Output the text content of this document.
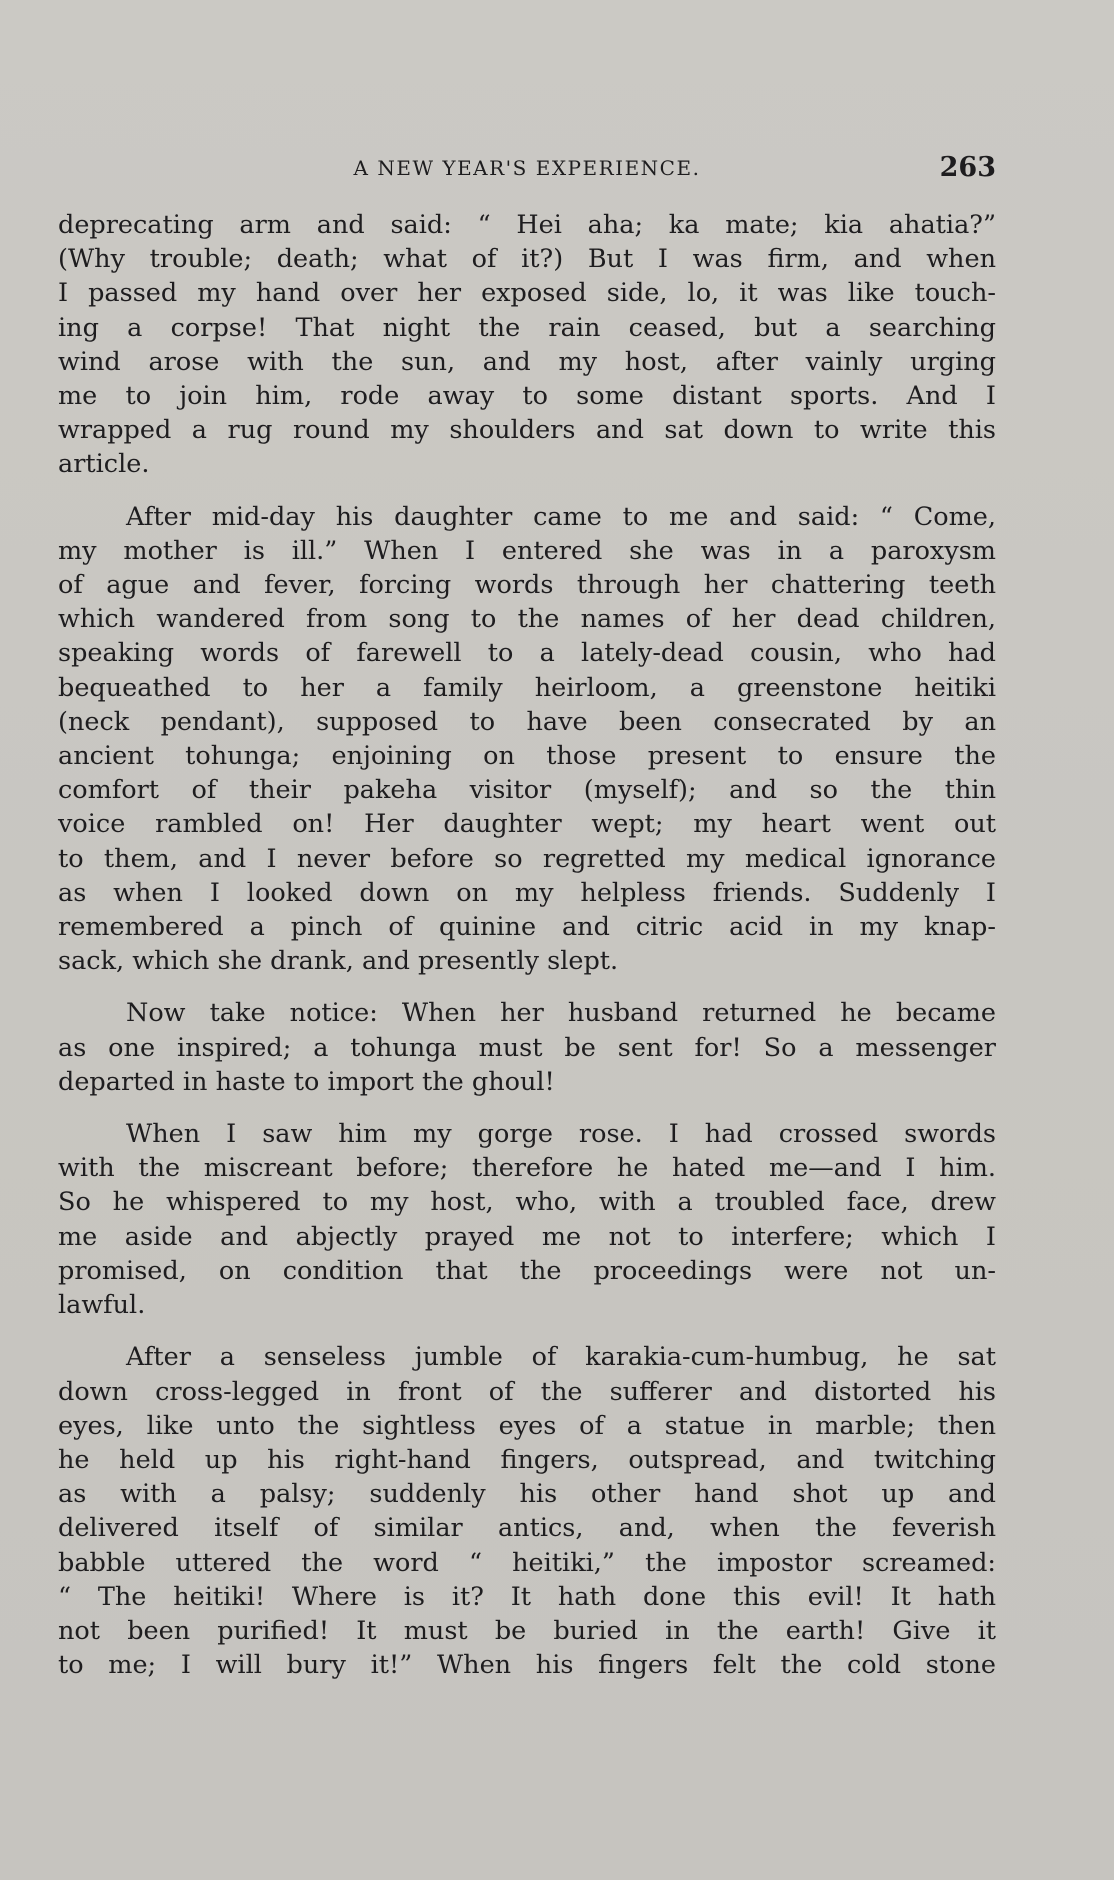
A NEW YEAR'S EXPERIENCE.	263

deprecating arm and said: “ Hei aha; ka mate; kia ahatia?”
(Why trouble; death; what of it?) But I was firm, and when
I passed my hand over her exposed side, lo, it was like touch-
ing a corpse! That night the rain ceased, but a searching
wind arose with the sun, and my host, after vainly urging
me to join him, rode away to some distant sports. And I
wrapped a rug round my shoulders and sat down to write this
article.

After mid-day his daughter came to me and said: “ Come,
my mother is ill.” When I entered she was in a paroxysm
of ague and fever, forcing words through her chattering teeth
which wandered from song to the names of her dead children,
speaking words of farewell to a lately-dead cousin, who had
bequeathed to her a family heirloom, a greenstone heitiki
(neck pendant), supposed to have been consecrated by an
ancient tohunga; enjoining on those present to ensure the
comfort of their pakeha visitor (myself); and so the thin
voice rambled on! Her daughter wept; my heart went out
to them, and I never before so regretted my medical ignorance
as when I looked down on my helpless friends. Suddenly I
remembered a pinch of quinine and citric acid in my knap-
sack, which she drank, and presently slept.

Now take notice: When her husband returned he became
as one inspired; a tohunga must be sent for! So a messenger
departed in haste to import the ghoul!

When I saw him my gorge rose. I had crossed swords
with the miscreant before; therefore he hated me—and I him.
So he whispered to my host, who, with a troubled face, drew
me aside and abjectly prayed me not to interfere; which I
promised, on condition that the proceedings were not un-
lawful.

After a senseless jumble of karakia-cum-humbug, he sat
down cross-legged in front of the sufferer and distorted his
eyes, like unto the sightless eyes of a statue in marble; then
he held up his right-hand fingers, outspread, and twitching
as with a palsy; suddenly his other hand shot up and
delivered itself of similar antics, and, when the feverish
babble uttered the word “ heitiki,” the impostor screamed:
“ The heitiki! Where is it? It hath done this evil! It hath
not been purified! It must be buried in the earth! Give it
to me; I will bury it!” When his fingers felt the cold stone
